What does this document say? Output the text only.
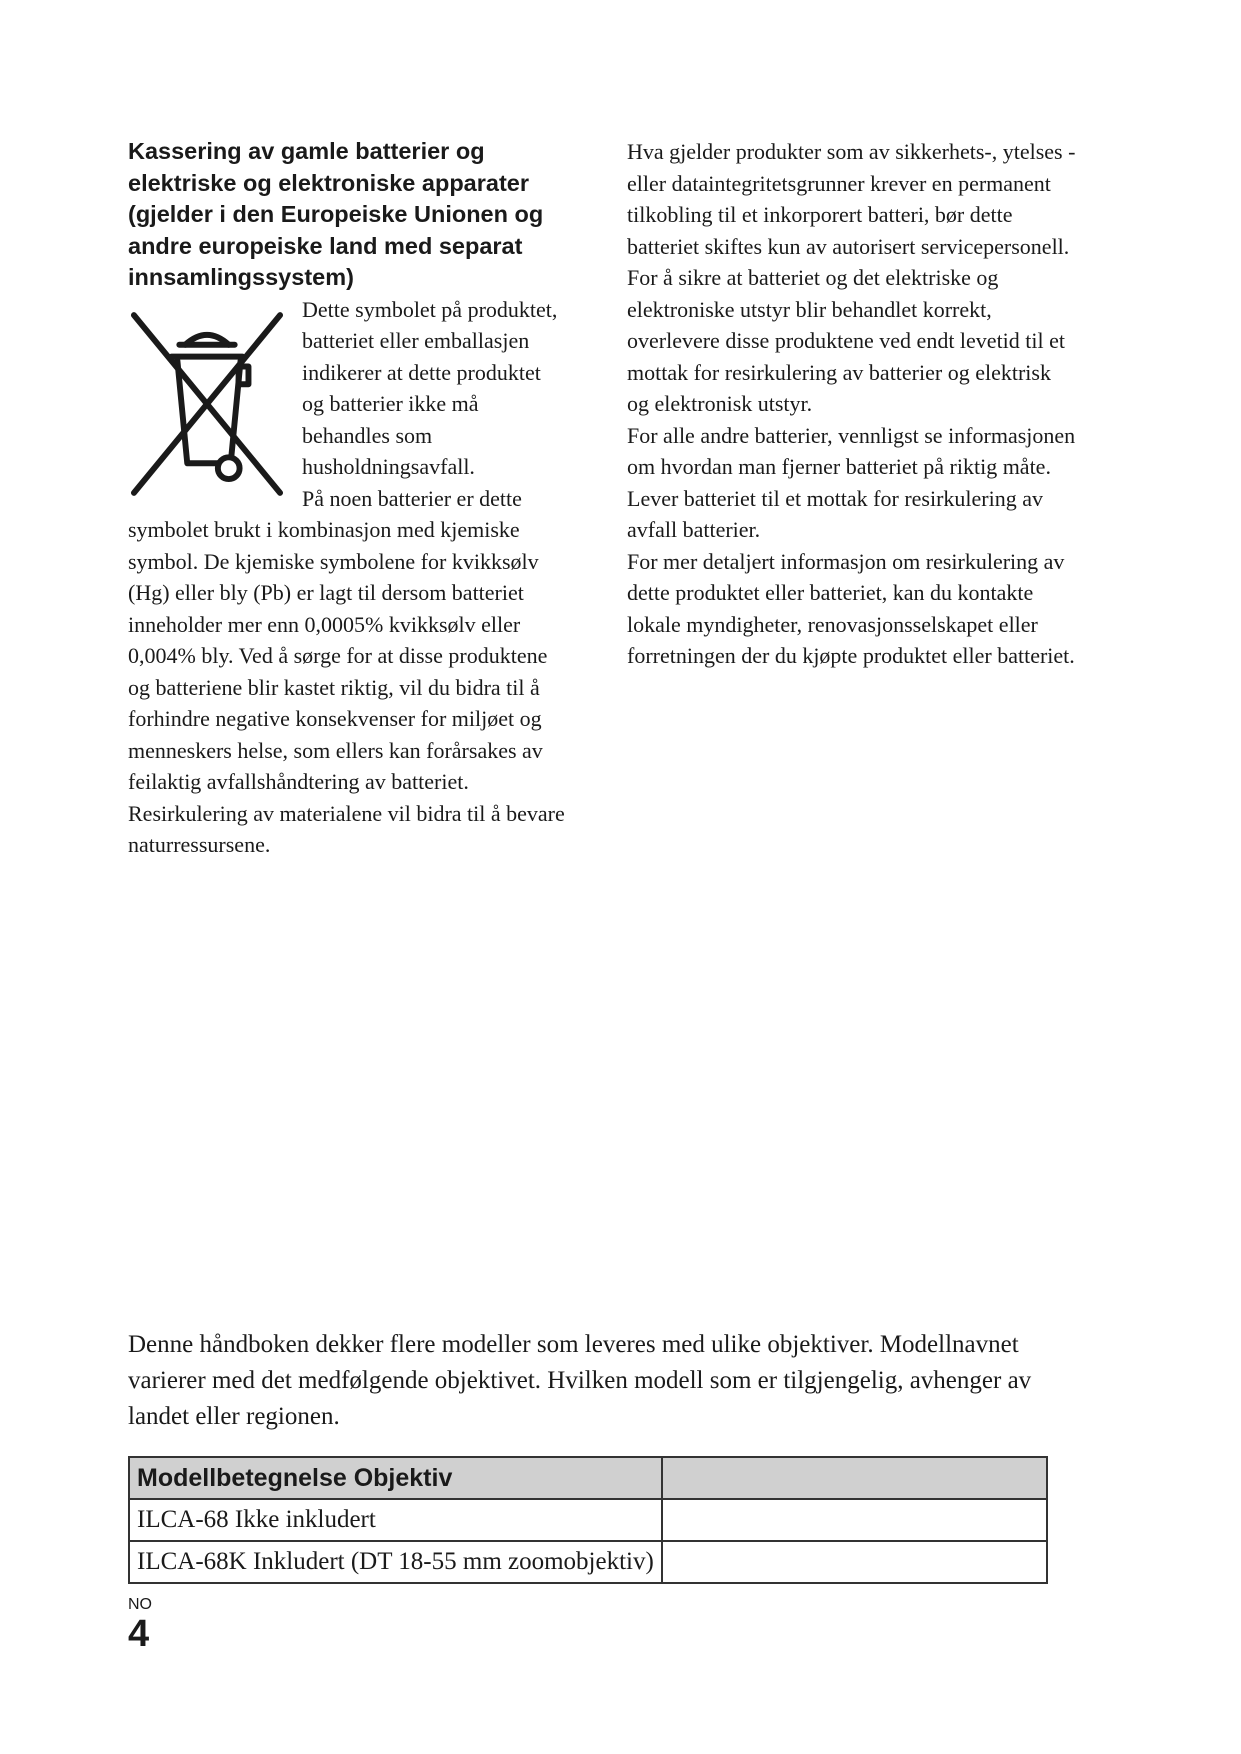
Kassering av gamle batterier og elektriske og elektroniske apparater (gjelder i den Europeiske Unionen og andre europeiske land med separat innsamlingssystem)

Dette symbolet på produktet, batteriet eller emballasjen indikerer at dette produktet og batterier ikke må behandles som husholdningsavfall.

På noen batterier er dette symbolet brukt i kombinasjon med kjemiske symbol. De kjemiske symbolene for kvikksølv (Hg) eller bly (Pb) er lagt til dersom batteriet inneholder mer enn 0,0005% kvikksølv eller 0,004% bly. Ved å sørge for at disse produktene og batteriene blir kastet riktig, vil du bidra til å forhindre negative konsekvenser for miljøet og menneskers helse, som ellers kan forårsakes av feilaktig avfallshåndtering av batteriet.

Resirkulering av materialene vil bidra til å bevare naturressursene.

Hva gjelder produkter som av sikkerhets-, ytelses - eller dataintegritetsgrunner krever en permanent tilkobling til et inkorporert batteri, bør dette batteriet skiftes kun av autorisert servicepersonell. For å sikre at batteriet og det elektriske og elektroniske utstyr blir behandlet korrekt, overlevere disse produktene ved endt levetid til et mottak for resirkulering av batterier og elektrisk og elektronisk utstyr.

For alle andre batterier, vennligst se informasjonen om hvordan man fjerner batteriet på riktig måte. Lever batteriet til et mottak for resirkulering av avfall batterier.

For mer detaljert informasjon om resirkulering av dette produktet eller batteriet, kan du kontakte lokale myndigheter, renovasjonsselskapet eller forretningen der du kjøpte produktet eller batteriet.

Denne håndboken dekker flere modeller som leveres med ulike objektiver. Modellnavnet varierer med det medfølgende objektivet. Hvilken modell som er tilgjengelig, avhenger av landet eller regionen.

Modellbetegnelse Objektiv	
ILCA-68 Ikke inkludert	
ILCA-68K Inkludert (DT 18-55 mm zoomobjektiv)	
NO
4
